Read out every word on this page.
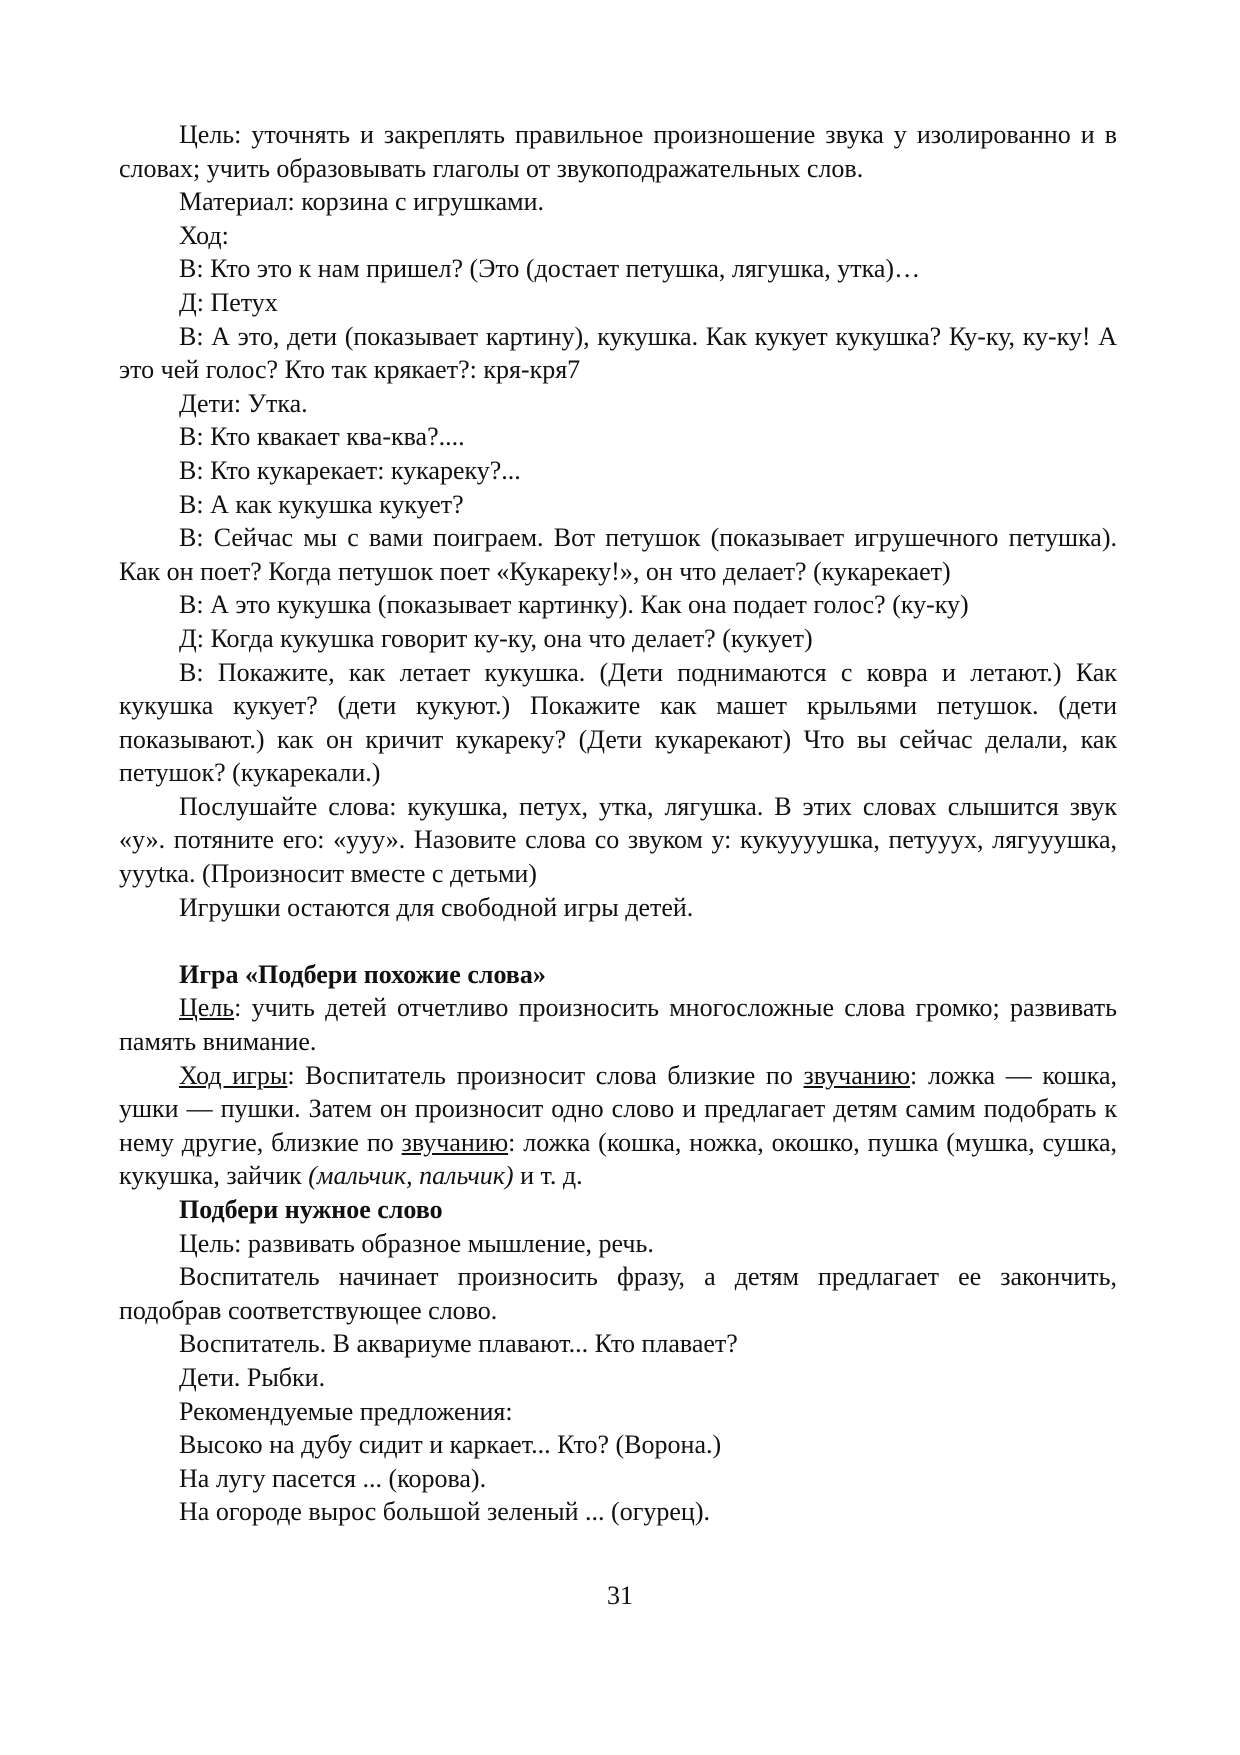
Цель: уточнять и закреплять правильное произношение звука у изолированно и в словах; учить образовывать глаголы от звукоподражательных слов.

Материал: корзина с игрушками.

Ход:

В: Кто это к нам пришел? (Это (достает петушка, лягушка, утка)…

Д: Петух

В: А это, дети (показывает картину), кукушка. Как кукует кукушка? Ку-ку, ку-ку! А это чей голос? Кто так крякает?: кря-кря7

Дети: Утка.

В: Кто квакает ква-ква?....

В: Кто кукарекает: кукареку?...

В: А как кукушка кукует?

В: Сейчас мы с вами поиграем. Вот петушок (показывает игрушечного петушка). Как он поет? Когда петушок поет «Кукареку!», он что делает? (кукарекает)

В: А это кукушка (показывает картинку). Как она подает голос? (ку-ку)

Д: Когда кукушка говорит ку-ку, она что делает? (кукует)

В: Покажите, как летает кукушка. (Дети поднимаются с ковра и летают.) Как кукушка кукует? (дети кукуют.) Покажите как машет крыльями петушок. (дети показывают.) как он кричит кукареку? (Дети кукарекают) Что вы сейчас делали, как петушок? (кукарекали.)

Послушайте слова: кукушка, петух, утка, лягушка. В этих словах слышится звук «у». потяните его: «ууу». Назовите слова со звуком у: кукуууушка, петууух, лягууушка, уууtка. (Произносит вместе с детьми)

Игрушки остаются для свободной игры детей.

Игра «Подбери похожие слова»

Цель: учить детей отчетливо произносить многосложные слова громко; развивать память внимание.

Ход игры: Воспитатель произносит слова близкие по звучанию: ложка — кошка, ушки — пушки. Затем он произносит одно слово и предлагает детям самим подобрать к нему другие, близкие по звучанию: ложка (кошка, ножка, окошко, пушка (мушка, сушка, кукушка, зайчик (мальчик, пальчик) и т. д.

Подбери нужное слово

Цель: развивать образное мышление, речь.

Воспитатель начинает произносить фразу, а детям предлагает ее закончить, подобрав соответствующее слово.

Воспитатель. В аквариуме плавают... Кто плавает?

Дети. Рыбки.

Рекомендуемые предложения:

Высоко на дубу сидит и каркает... Кто? (Ворона.)

На лугу пасется ... (корова).

На огороде вырос большой зеленый ... (огурец).

31
